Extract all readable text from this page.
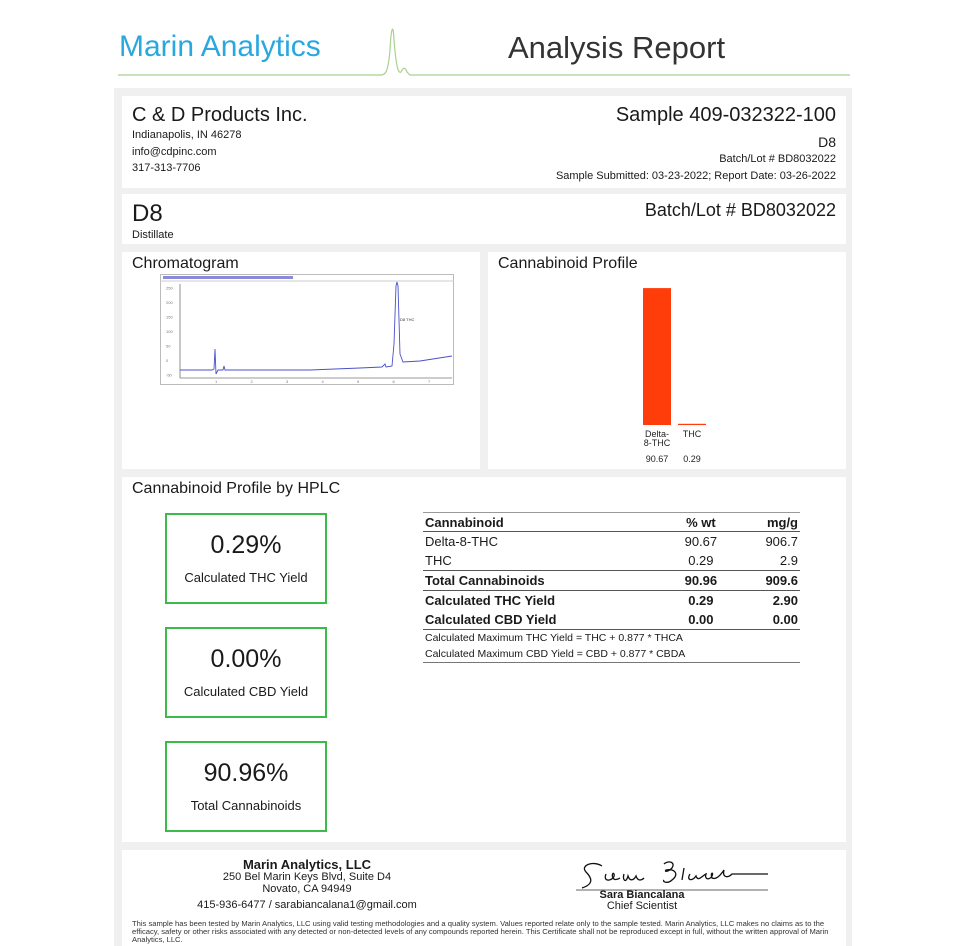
Marin Analytics	Analysis Report
C & D Products Inc.
Indianapolis, IN 46278
info@cdpinc.com
317-313-7706
Sample 409-032322-100
D8
Batch/Lot # BD8032022
Sample Submitted: 03-23-2022; Report Date: 03-26-2022
D8
Distillate
Batch/Lot # BD8032022
Chromatogram
250
200
150
100
50
0
-50
1	2	3	4	5	6	7
D8 THC
Cannabinoid Profile
Delta-
8-THC
90.67
THC
0.29
Cannabinoid Profile by HPLC
0.29%
Calculated THC Yield
0.00%
Calculated CBD Yield
90.96%
Total Cannabinoids
Cannabinoid	% wt	mg/g
Delta-8-THC	90.67	906.7
THC	0.29	2.9
Total Cannabinoids	90.96	909.6
Calculated THC Yield	0.29	2.90
Calculated CBD Yield	0.00	0.00
Calculated Maximum THC Yield = THC + 0.877 * THCA		
Calculated Maximum CBD Yield = CBD + 0.877 * CBDA		
Marin Analytics, LLC
250 Bel Marin Keys Blvd, Suite D4
Novato, CA 94949
415-936-6477 / sarabiancalana1@gmail.com
Sara Biancalana
Chief Scientist
This sample has been tested by Marin Analytics, LLC using valid testing methodologies and a quality system. Values reported relate only to the sample tested. Marin Analytics, LLC makes no claims as to the efficacy, safety or other risks associated with any detected or non-detected levels of any compounds reported herein. This Certificate shall not be reproduced except in full, without the written approval of Marin Analytics, LLC.
